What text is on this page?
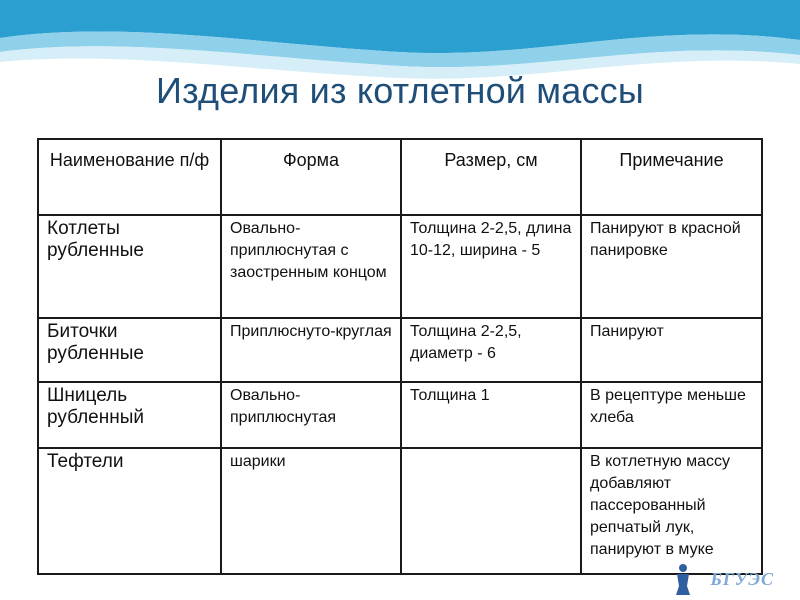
Изделия из котлетной массы
Наименование п/ф	Форма	Размер, см	Примечание
Котлеты рубленные	Овально-приплюснутая с заостренным концом	Толщина 2-2,5, длина 10-12, ширина - 5	Панируют в красной панировке
Биточки рубленные	Приплюснуто-круглая	Толщина 2-2,5, диаметр - 6	Панируют
Шницель рубленный	Овально-приплюснутая	Толщина 1	В рецептуре меньше хлеба
Тефтели	шарики		В котлетную массу добавляют пассерованный репчатый лук, панируют в муке
БГУЭС
